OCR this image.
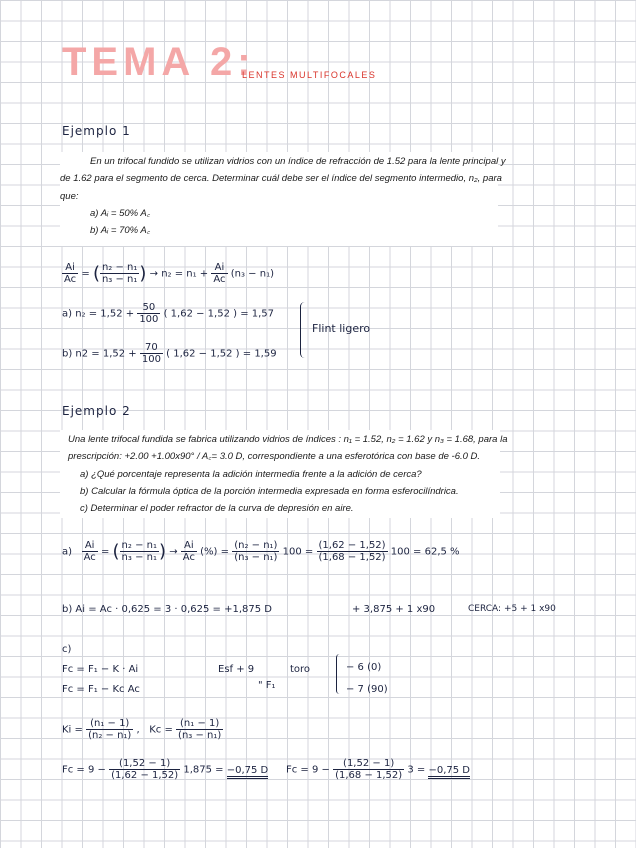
TEMA 2:
LENTES MULTIFOCALES
Ejemplo 1

En un trifocal fundido se utilizan vidrios con un índice de refracción de 1.52 para la lente principal y

de 1.62 para el segmento de cerca. Determinar cuál debe ser el índice del segmento intermedio, n₂, para

que:

a) Aᵢ = 50% A꜀

b) Aᵢ = 70% A꜀

$\frac{Ai}{Ac}$ = ( $\frac{\text{n₂ − n₁}}{\text{n₃ − n₁}}$ ) → $n_2 = n_1 + \frac{Ai}{Ac} (n_3 - n_1)$
a) $n_2 = 1,52 + \frac{50}{100}$ ( 1,62 − 1,52 ) = 1,57
b) $n2 = 1,52 + \frac{70}{100}$ ( 1,62 − 1,52 ) = 1,59
Flint ligero
Ejemplo 2

Una lente trifocal fundida se fabrica utilizando vidrios de índices : n₁ = 1.52, n₂ = 1.62 y n₃ = 1.68, para la

prescripción: +2.00 +1.00x90° / A꜀= 3.0 D, correspondiente a una esferotórica con base de -6.0 D.

a) ¿Qué porcentaje representa la adición intermedia frente a la adición de cerca?

b) Calcular la fórmula óptica de la porción intermedia expresada en forma esferocilíndrica.

c) Determinar el poder refractor de la curva de depresión en aire.

$a) \frac{Ai}{Ac}$ = ( $\frac{\text{n₂ − n₁}}{\text{n₃ − n₁}}$ ) → $\frac{Ai}{Ac}$ (%) = $\frac{\text{(n₂ − n₁)}}{\text{(n₃ − n₁)}} 100 = \frac{(1,62 - 1,52)}{(1,68 - 1,52)} 100 = 62,5$ %
b) Ai = Ac · 0,625 = 3 · 0,625 = +1,875 D	+ 3,875 + 1 x90	CERCA: +5 + 1 x90
c)
Fc = F₁ − K · Ai
Fc = F₁ − Kc Ac
Esf + 9
" F₁
toro	− 6 (0)
− 7 (90)
$Ki = \frac{\text{(n₁ − 1)}}{\text{(n₂ − n₁)}}$ ,   $Kc = \frac{\text{(n₁ − 1)}}{\text{(n₃ − n₁)}}$
$Fc = 9 - \frac{(1,52 - 1)}{(1,62 - 1,52)} 1,875 = -0,75$ D $Fc = 9 - \frac{(1,52 - 1)}{(1,68 - 1,52)} 3 = -0,75$ D
